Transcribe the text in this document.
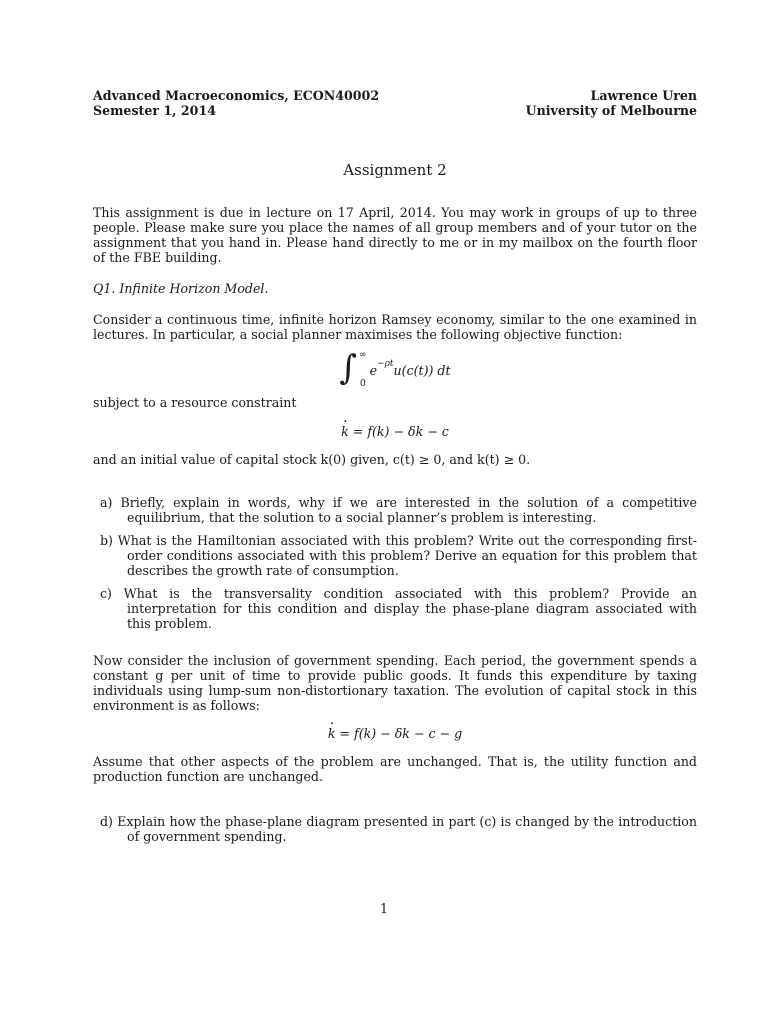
Advanced Macroeconomics, ECON40002
Semester 1, 2014
Lawrence Uren
University of Melbourne
Assignment 2

This assignment is due in lecture on 17 April, 2014. You may work in groups of up to three people. Please make sure you place the names of all group members and of your tutor on the assignment that you hand in. Please hand directly to me or in my mailbox on the fourth floor of the FBE building.

Q1. Infinite Horizon Model.

Consider a continuous time, infinite horizon Ramsey economy, similar to the one examined in lectures. In particular, a social planner maximises the following objective function:

∫ ∞
0
e −ρt u(c(t)) dt

subject to a resource constraint

· k = f(k) − δk − c

and an initial value of capital stock k(0) given, c(t) ≥ 0, and k(t) ≥ 0.

a) Briefly, explain in words, why if we are interested in the solution of a competitive equilibrium, that the solution to a social planner’s problem is interesting.
b) What is the Hamiltonian associated with this problem? Write out the corresponding first-order conditions associated with this problem? Derive an equation for this problem that describes the growth rate of consumption.
c) What is the transversality condition associated with this problem? Provide an interpretation for this condition and display the phase-plane diagram associated with this problem.

Now consider the inclusion of government spending. Each period, the government spends a constant g per unit of time to provide public goods. It funds this expenditure by taxing individuals using lump-sum non-distortionary taxation. The evolution of capital stock in this environment is as follows:

· k = f(k) − δk − c − g

Assume that other aspects of the problem are unchanged. That is, the utility function and production function are unchanged.

d) Explain how the phase-plane diagram presented in part (c) is changed by the introduction of government spending.
1
